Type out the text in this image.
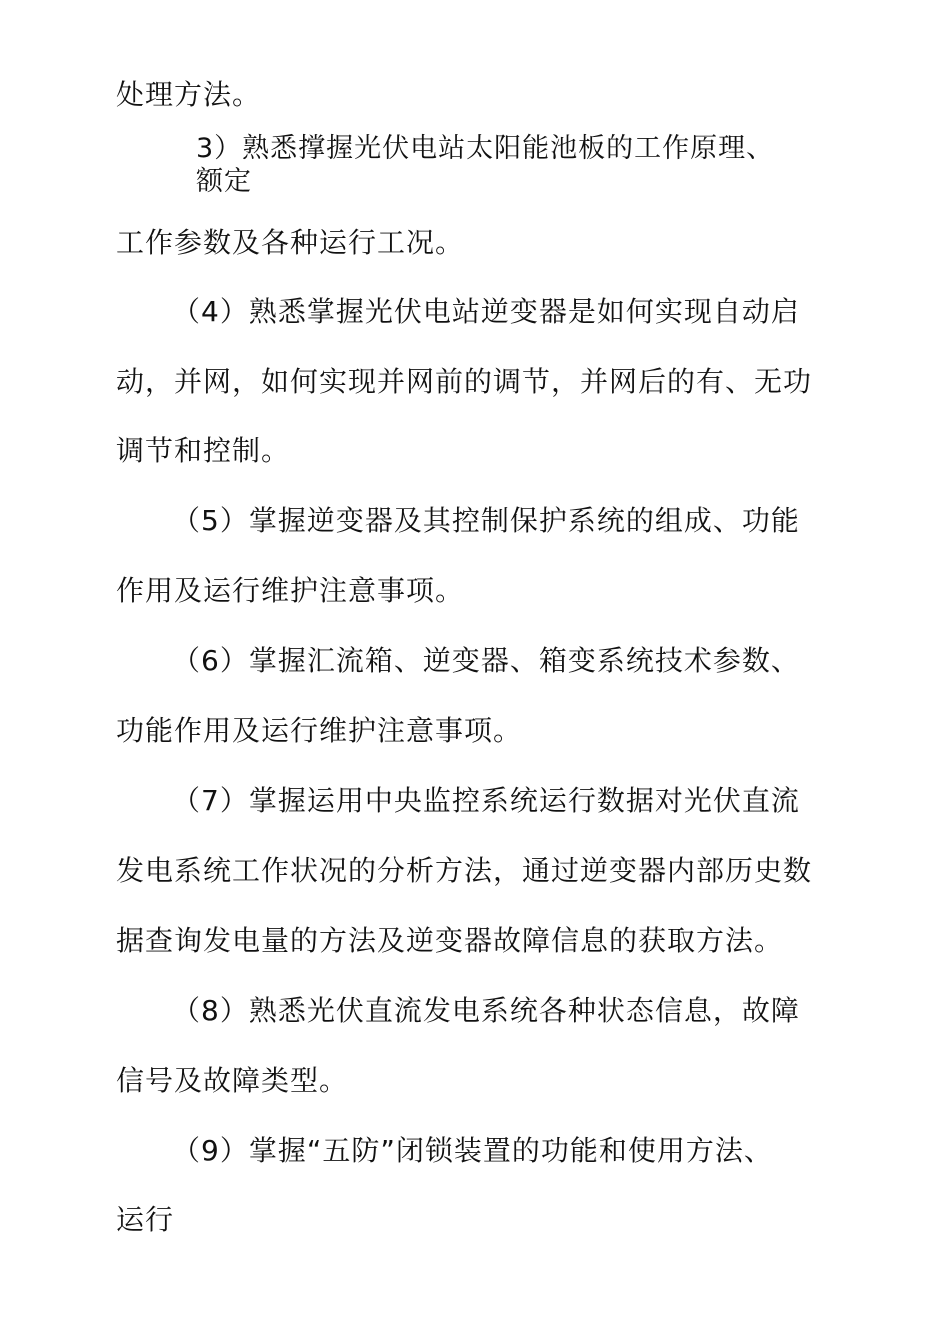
处理方法。
3）熟悉撑握光伏电站太阳能池板的工作原理、
额定
工作参数及各种运行工况。
（4）熟悉掌握光伏电站逆变器是如何实现自动启
动，并网，如何实现并网前的调节，并网后的有、无功
调节和控制。
（5）掌握逆变器及其控制保护系统的组成、功能
作用及运行维护注意事项。
（6）掌握汇流箱、逆变器、箱变系统技术参数、
功能作用及运行维护注意事项。
（7）掌握运用中央监控系统运行数据对光伏直流
发电系统工作状况的分析方法，通过逆变器内部历史数
据查询发电量的方法及逆变器故障信息的获取方法。
（8）熟悉光伏直流发电系统各种状态信息，故障
信号及故障类型。
（9）掌握“五防”闭锁装置的功能和使用方法、
运行
